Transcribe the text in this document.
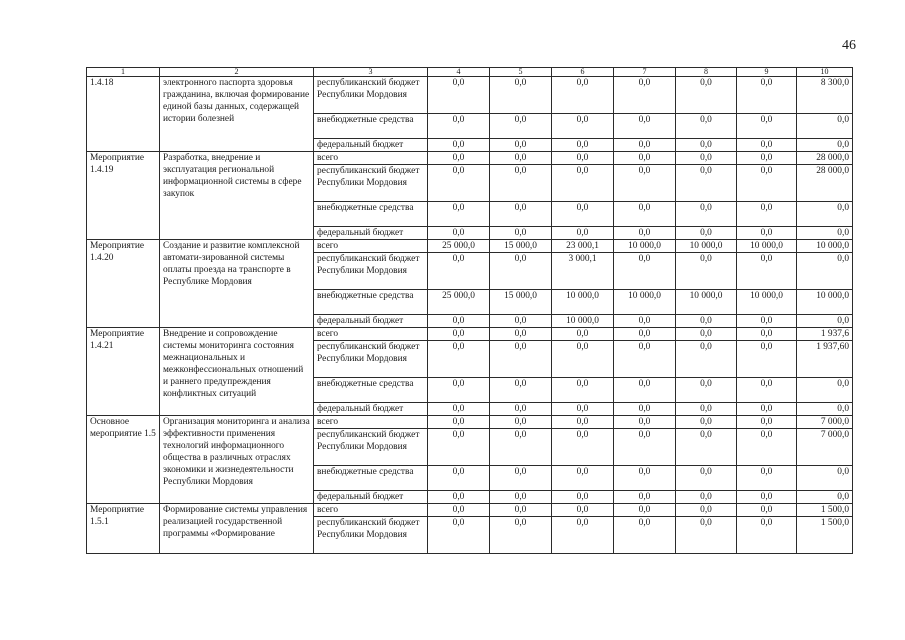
46
1	2	3	4	5	6	7	8	9	10
1.4.18	электронного паспорта здоровья гражданина, включая формирование единой базы данных, содержащей истории болезней	республиканский бюджет Республики Мордовия	0,0	0,0	0,0	0,0	0,0	0,0	8 300,0
		внебюджетные средства	0,0	0,0	0,0	0,0	0,0	0,0	0,0
		федеральный бюджет	0,0	0,0	0,0	0,0	0,0	0,0	0,0
Мероприятие 1.4.19	Разработка, внедрение и эксплуатация региональной информационной системы в сфере закупок	всего	0,0	0,0	0,0	0,0	0,0	0,0	28 000,0
		республиканский бюджет Республики Мордовия	0,0	0,0	0,0	0,0	0,0	0,0	28 000,0
		внебюджетные средства	0,0	0,0	0,0	0,0	0,0	0,0	0,0
		федеральный бюджет	0,0	0,0	0,0	0,0	0,0	0,0	0,0
Мероприятие 1.4.20	Создание и развитие комплексной автомати-зированной системы оплаты проезда на транспорте в Республике Мордовия	всего	25 000,0	15 000,0	23 000,1	10 000,0	10 000,0	10 000,0	10 000,0
		республиканский бюджет Республики Мордовия	0,0	0,0	3 000,1	0,0	0,0	0,0	0,0
		внебюджетные средства	25 000,0	15 000,0	10 000,0	10 000,0	10 000,0	10 000,0	10 000,0
		федеральный бюджет	0,0	0,0	10 000,0	0,0	0,0	0,0	0,0
Мероприятие 1.4.21	Внедрение и сопровождение системы мониторинга состояния межнациональных и межконфессиональных отношений и раннего предупреждения конфликтных ситуаций	всего	0,0	0,0	0,0	0,0	0,0	0,0	1 937,6
		республиканский бюджет Республики Мордовия	0,0	0,0	0,0	0,0	0,0	0,0	1 937,60
		внебюджетные средства	0,0	0,0	0,0	0,0	0,0	0,0	0,0
		федеральный бюджет	0,0	0,0	0,0	0,0	0,0	0,0	0,0
Основное мероприятие 1.5	Организация мониторинга и анализа эффективности применения технологий информационного общества в различных отраслях экономики и жизнедеятельности Республики Мордовия	всего	0,0	0,0	0,0	0,0	0,0	0,0	7 000,0
		республиканский бюджет Республики Мордовия	0,0	0,0	0,0	0,0	0,0	0,0	7 000,0
		внебюджетные средства	0,0	0,0	0,0	0,0	0,0	0,0	0,0
		федеральный бюджет	0,0	0,0	0,0	0,0	0,0	0,0	0,0
Мероприятие 1.5.1	Формирование системы управления реализацией государственной программы «Формирование	всего	0,0	0,0	0,0	0,0	0,0	0,0	1 500,0
		республиканский бюджет Республики Мордовия	0,0	0,0	0,0	0,0	0,0	0,0	1 500,0
